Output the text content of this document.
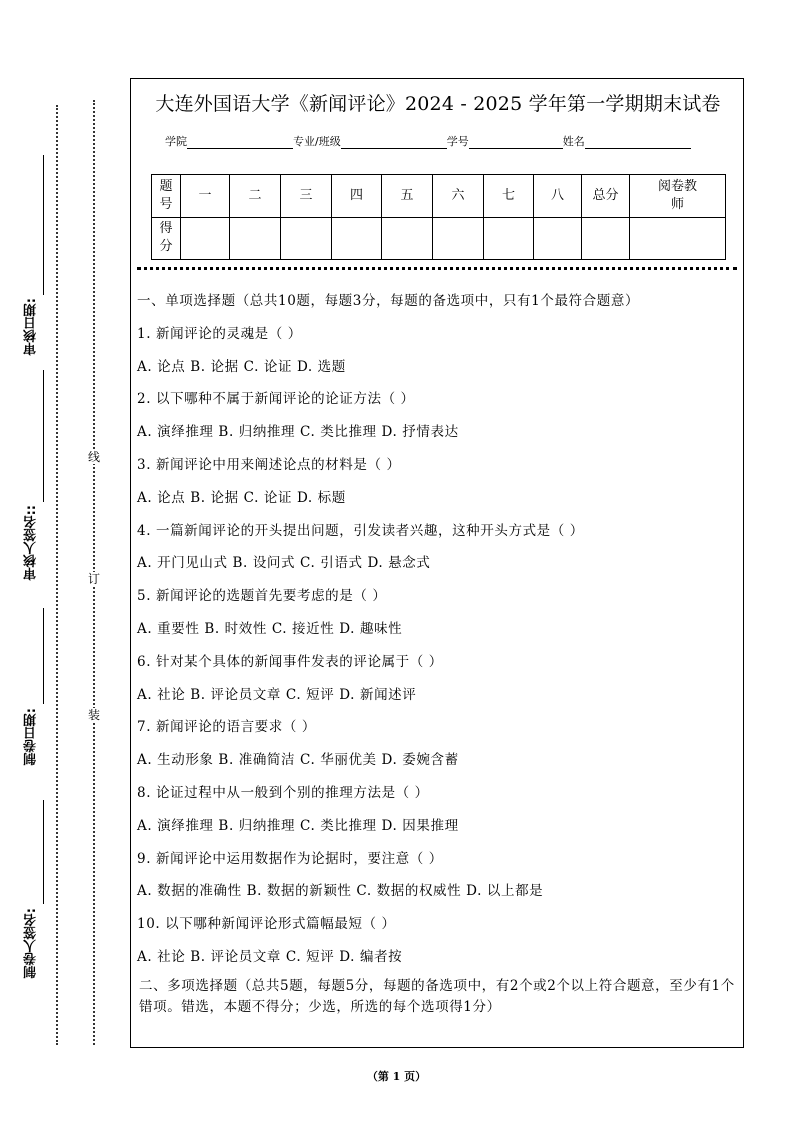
审核日期:
审核人签名::
制卷日期:
制卷人签名:
线
订
装
大连外国语大学《新闻评论》2024 - 2025 学年第一学期期末试卷
学院	专业/班级	学号	姓名
题号	一	二	三	四	五	六	七	八	总分	阅卷教师
得分										
一、单项选择题（总共10题，每题3分，每题的备选项中，只有1个最符合题意）
1. 新闻评论的灵魂是（ ）
A. 论点 B. 论据 C. 论证 D. 选题
2. 以下哪种不属于新闻评论的论证方法（ ）
A. 演绎推理 B. 归纳推理 C. 类比推理 D. 抒情表达
3. 新闻评论中用来阐述论点的材料是（ ）
A. 论点 B. 论据 C. 论证 D. 标题
4. 一篇新闻评论的开头提出问题，引发读者兴趣，这种开头方式是（ ）
A. 开门见山式 B. 设问式 C. 引语式 D. 悬念式
5. 新闻评论的选题首先要考虑的是（ ）
A. 重要性 B. 时效性 C. 接近性 D. 趣味性
6. 针对某个具体的新闻事件发表的评论属于（ ）
A. 社论 B. 评论员文章 C. 短评 D. 新闻述评
7. 新闻评论的语言要求（ ）
A. 生动形象 B. 准确简洁 C. 华丽优美 D. 委婉含蓄
8. 论证过程中从一般到个别的推理方法是（ ）
A. 演绎推理 B. 归纳推理 C. 类比推理 D. 因果推理
9. 新闻评论中运用数据作为论据时，要注意（ ）
A. 数据的准确性 B. 数据的新颖性 C. 数据的权威性 D. 以上都是
10. 以下哪种新闻评论形式篇幅最短（ ）
A. 社论 B. 评论员文章 C. 短评 D. 编者按
二、多项选择题（总共5题，每题5分，每题的备选项中，有2个或2个以上符合题意，至少有1个错项。错选，本题不得分；少选，所选的每个选项得1分）
（第 1 页）
